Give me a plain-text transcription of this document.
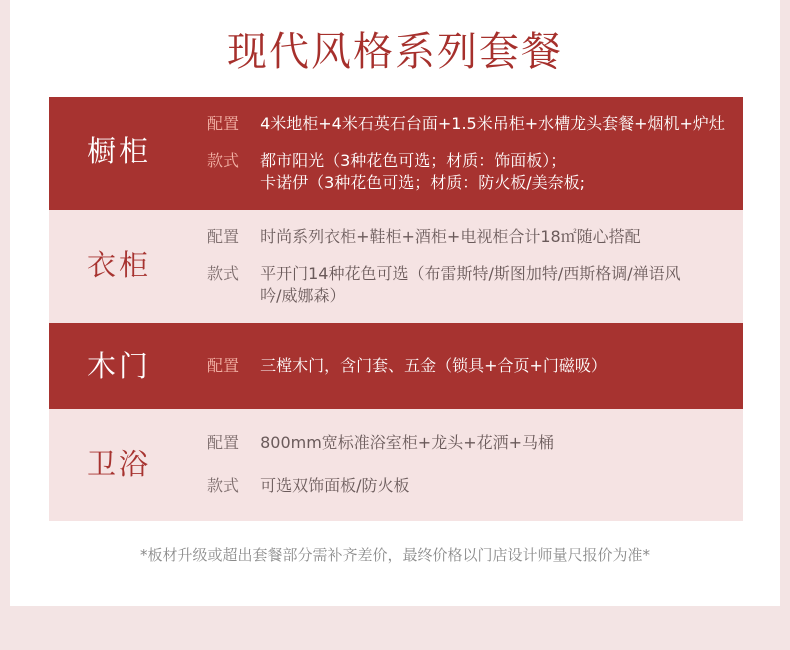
现代风格系列套餐
橱柜
配置 4米地柜+4米石英石台面+1.5米吊柜+水槽龙头套餐+烟机+炉灶
款式 都市阳光（3种花色可选；材质：饰面板）；
卡诺伊（3种花色可选；材质：防火板/美奈板;
衣柜
配置 时尚系列衣柜+鞋柜+酒柜+电视柜合计18㎡随心搭配
款式 平开门14种花色可选（布雷斯特/斯图加特/西斯格调/禅语风
吟/威娜森）
木门	配置 三樘木门，含门套、五金（锁具+合页+门磁吸）
卫浴
配置 800mm宽标准浴室柜+龙头+花洒+马桶
款式 可选双饰面板/防火板
*板材升级或超出套餐部分需补齐差价，最终价格以门店设计师量尺报价为准*
